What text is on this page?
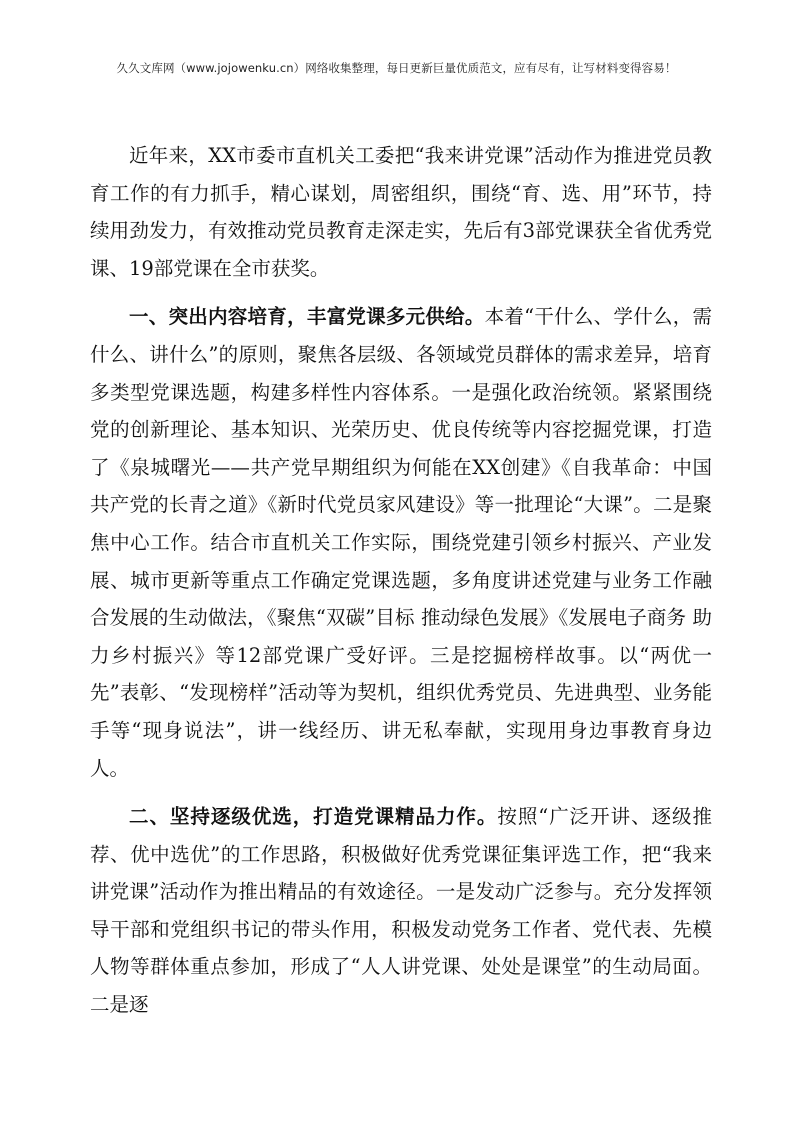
久久文库网（www.jojowenku.cn）网络收集整理，每日更新巨量优质范文，应有尽有，让写材料变得容易！

近年来，XX市委市直机关工委把“我来讲党课”活动作为推进党员教育工作的有力抓手，精心谋划，周密组织，围绕“育、选、用”环节，持续用劲发力，有效推动党员教育走深走实，先后有3部党课获全省优秀党课、19部党课在全市获奖。

一、突出内容培育，丰富党课多元供给。本着“干什么、学什么，需什么、讲什么”的原则，聚焦各层级、各领域党员群体的需求差异，培育多类型党课选题，构建多样性内容体系。一是强化政治统领。紧紧围绕党的创新理论、基本知识、光荣历史、优良传统等内容挖掘党课，打造了《泉城曙光——共产党早期组织为何能在XX创建》《自我革命：中国共产党的长青之道》《新时代党员家风建设》等一批理论“大课”。二是聚焦中心工作。结合市直机关工作实际，围绕党建引领乡村振兴、产业发展、城市更新等重点工作确定党课选题，多角度讲述党建与业务工作融合发展的生动做法，《聚焦“双碳”目标 推动绿色发展》《发展电子商务 助力乡村振兴》等12部党课广受好评。三是挖掘榜样故事。以“两优一先”表彰、“发现榜样”活动等为契机，组织优秀党员、先进典型、业务能手等“现身说法”，讲一线经历、讲无私奉献，实现用身边事教育身边人。

二、坚持逐级优选，打造党课精品力作。按照“广泛开讲、逐级推荐、优中选优”的工作思路，积极做好优秀党课征集评选工作，把“我来讲党课”活动作为推出精品的有效途径。一是发动广泛参与。充分发挥领导干部和党组织书记的带头作用，积极发动党务工作者、党代表、先模人物等群体重点参加，形成了“人人讲党课、处处是课堂”的生动局面。二是逐
